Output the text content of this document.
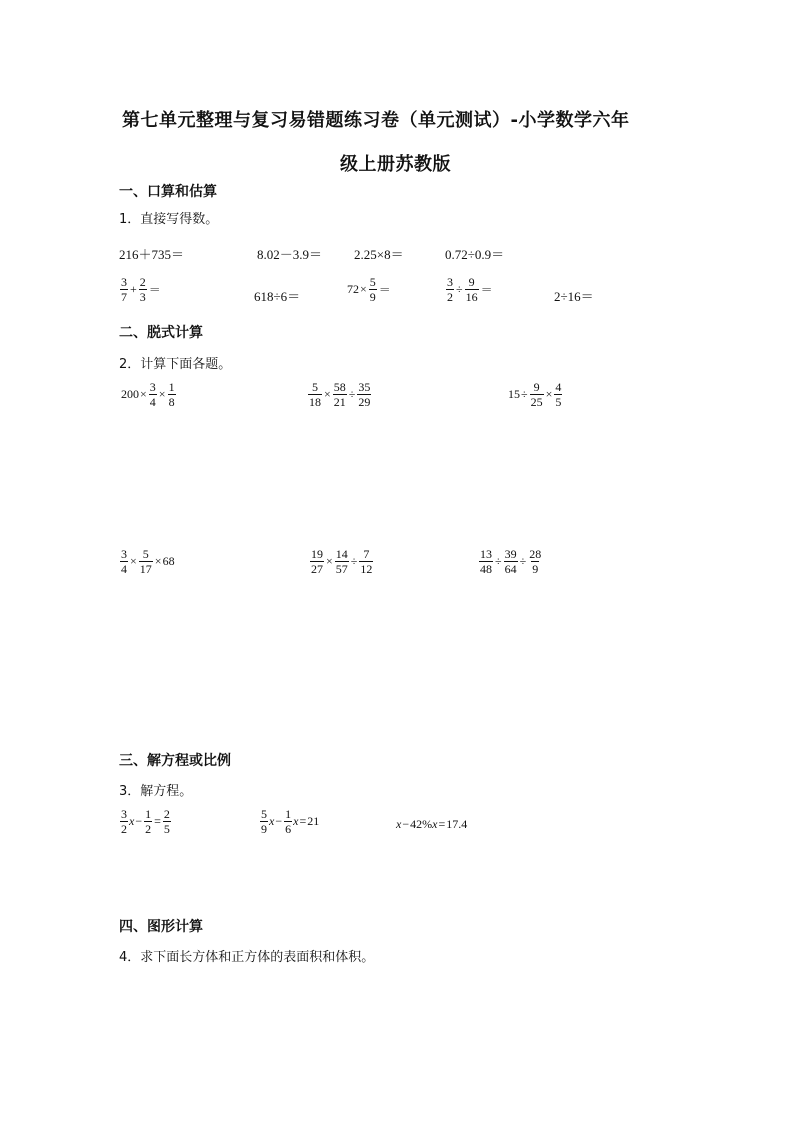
第七单元整理与复习易错题练习卷（单元测试）-小学数学六年
级上册苏教版
一、口算和估算
1．直接写得数。
216＋735＝	8.02－3.9＝ 2.25×8＝	0.72÷0.9＝
$\frac{3}{7} + \frac{2}{3}$ ＝	618÷6＝	$72 \times \frac{5}{9}$ ＝	$\frac{3}{2} \div \frac{9}{16}$ ＝	2÷16＝
二、脱式计算
2．计算下面各题。
$200 \times \frac{3}{4} \times \frac{1}{8}$	$\frac{5}{18} \times \frac{58}{21} \div \frac{35}{29}$	$15 \div \frac{9}{25} \times \frac{4}{5}$
$\frac{3}{4} \times \frac{5}{17} \times 68$	$\frac{19}{27} \times \frac{14}{57} \div \frac{7}{12}$	$\frac{13}{48} \div \frac{39}{64} \div \frac{28}{9}$
三、解方程或比例
3．解方程。
$\frac{3}{2}$ $x - \frac{1}{2} = \frac{2}{5}$	$\frac{5}{9}$ $x - \frac{1}{6}$ x = 21	x − 42% x = 17.4
四、图形计算
4．求下面长方体和正方体的表面积和体积。
